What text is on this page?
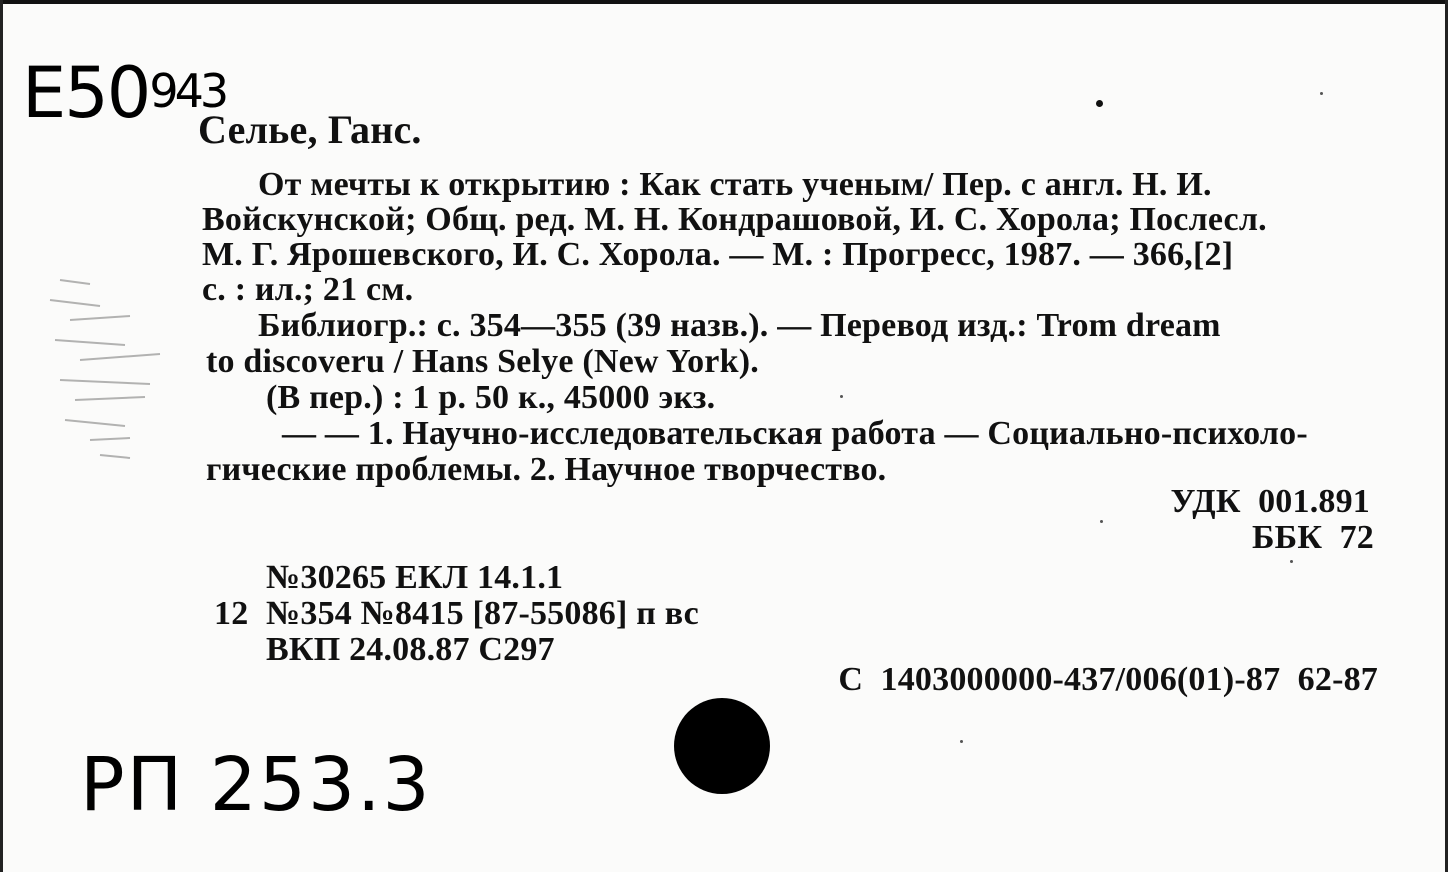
E50943
Селье, Ганс.
От мечты к открытию : Как стать ученым/ Пер. с англ. Н. И.
Войскунской; Общ. ред. М. Н. Кондрашовой, И. С. Хорола; Послесл.
М. Г. Ярошевского, И. С. Хорола. — М. : Прогресс, 1987. — 366,[2]
с. : ил.; 21 см.
Библиогр.: с. 354—355 (39 назв.). — Перевод изд.: Trom dream
to discoveru / Hans Selye (New York).
(В пер.) : 1 р. 50 к., 45000 экз.
— — 1. Научно-исследовательская работа — Социально-психоло-
гические проблемы. 2. Научное творчество.
УДК  001.891
ББК  72
№30265 ЕКЛ 14.1.1
12 №354 №8415 [87-55086] п вс
ВКП 24.08.87 С297
С  1403000000-437/006(01)-87  62-87
РП 253.3
